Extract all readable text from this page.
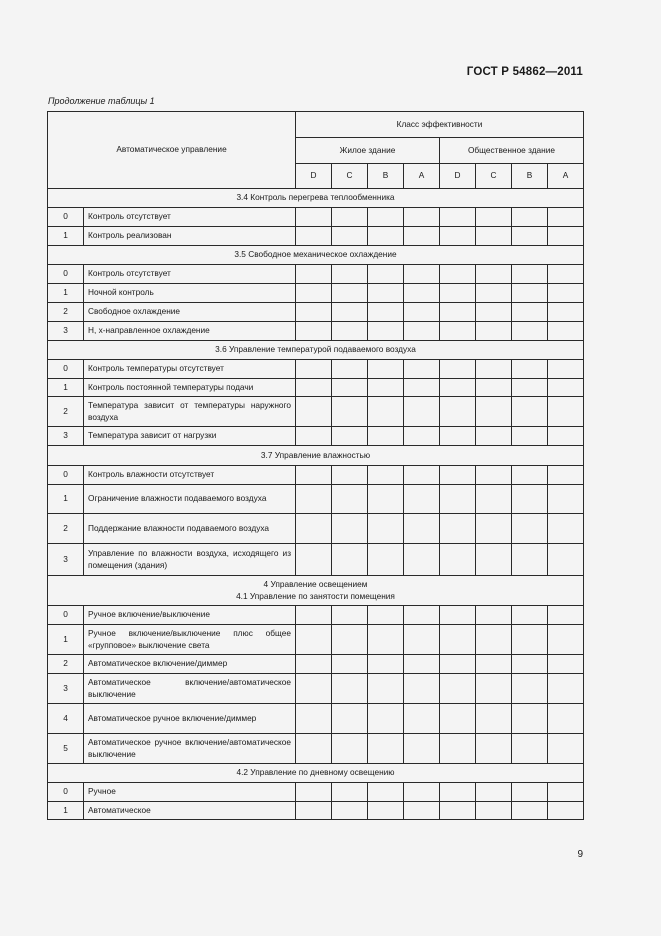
ГОСТ Р 54862—2011
Продолжение таблицы 1
Автоматическое управление		Класс эффективности							
		Жилое здание				Общественное здание			
		D	C	B	A	D	C	B	A

3.4 Контроль перегрева теплообменника									

0	Контроль отсутствует								
1	Контроль реализован								

3.5 Свободное механическое охлаждение									

0	Контроль отсутствует								
1	Ночной контроль								
2	Свободное охлаждение								
3	H, x-направленное охлаждение								

3.6 Управление температурой подаваемого воздуха									

0	Контроль температуры отсутствует								
1	Контроль постоянной температуры подачи								
2	Температура зависит от температуры наружного воздуха								
3	Температура зависит от нагрузки								

3.7 Управление влажностью									

0	Контроль влажности отсутствует								
1	Ограничение влажности подаваемого воздуха								
2	Поддержание влажности подаваемого воздуха								
3	Управление по влажности воздуха, исходящего из помещения (здания)								

4 Управление освещением
4.1 Управление по занятости помещения									

0	Ручное включение/выключение								
1	Ручное включение/выключение плюс общее «групповое» выключение света								
2	Автоматическое включение/диммер								
3	Автоматическое включение/автоматическое выключение								
4	Автоматическое ручное включение/диммер								
5	Автоматическое ручное включение/автоматическое выключение								

4.2 Управление по дневному освещению									

0	Ручное								
1	Автоматическое								
9
